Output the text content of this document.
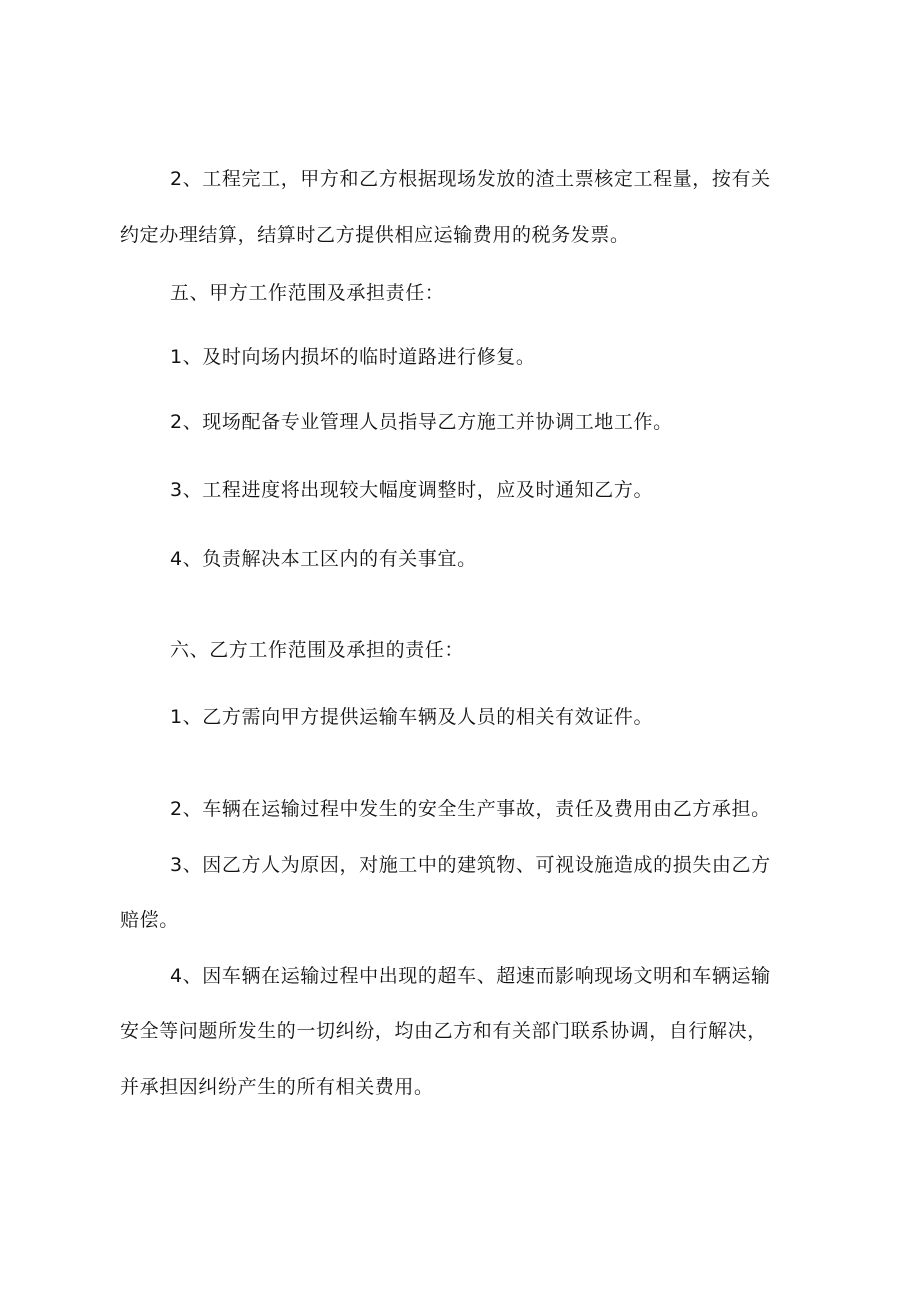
2、工程完工，甲方和乙方根据现场发放的渣土票核定工程量，按有关
约定办理结算，结算时乙方提供相应运输费用的税务发票。
五、甲方工作范围及承担责任：
1、及时向场内损坏的临时道路进行修复。
2、现场配备专业管理人员指导乙方施工并协调工地工作。
3、工程进度将出现较大幅度调整时，应及时通知乙方。
4、负责解决本工区内的有关事宜。
六、乙方工作范围及承担的责任：
1、乙方需向甲方提供运输车辆及人员的相关有效证件。
2、车辆在运输过程中发生的安全生产事故，责任及费用由乙方承担。
3、因乙方人为原因，对施工中的建筑物、可视设施造成的损失由乙方
赔偿。
4、因车辆在运输过程中出现的超车、超速而影响现场文明和车辆运输
安全等问题所发生的一切纠纷，均由乙方和有关部门联系协调，自行解决，
并承担因纠纷产生的所有相关费用。
